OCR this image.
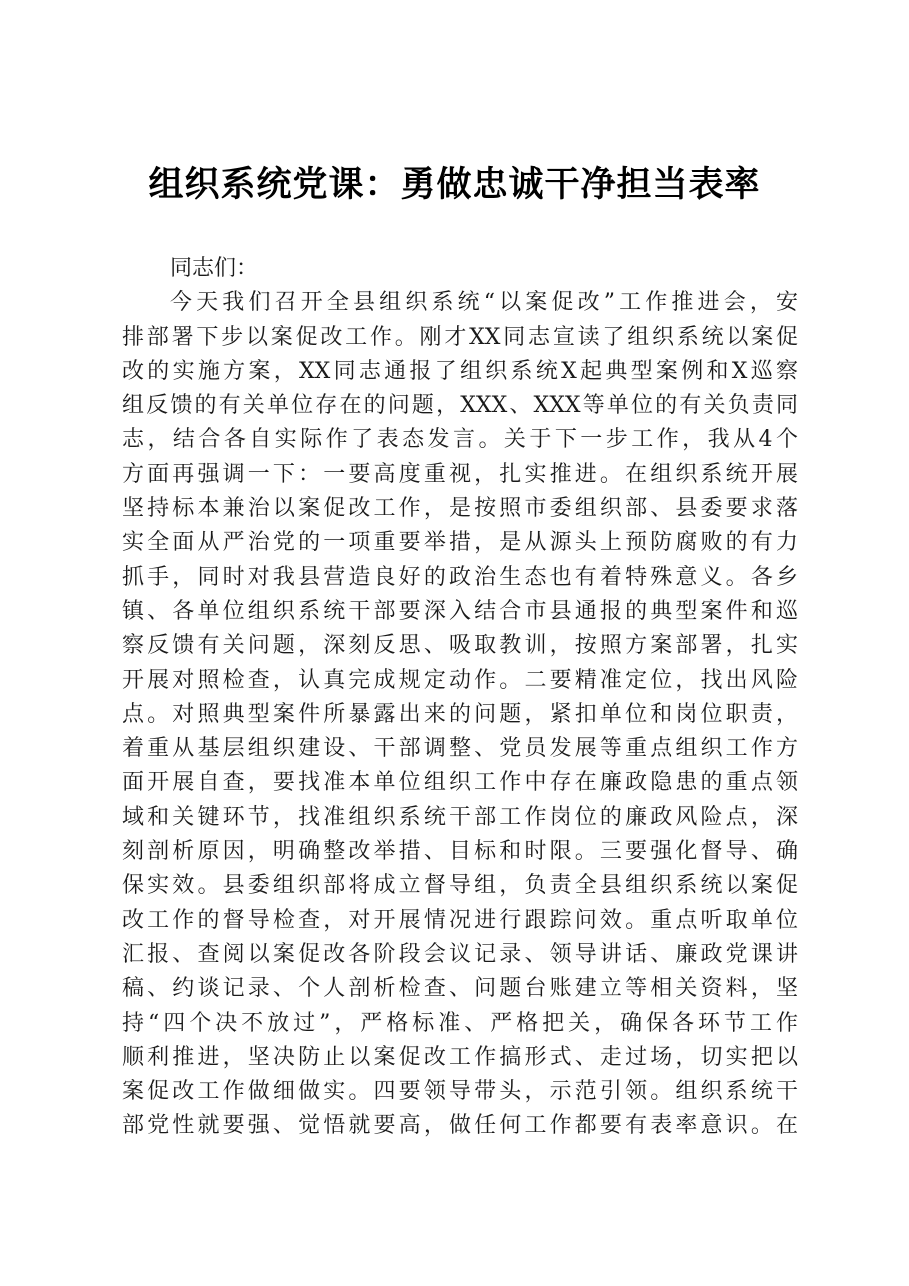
组织系统党课：勇做忠诚干净担当表率
同志们：
今天我们召开全县组织系统“以案促改”工作推进会，安
排部署下步以案促改工作。刚才XX同志宣读了组织系统以案促
改的实施方案，XX同志通报了组织系统X起典型案例和X巡察
组反馈的有关单位存在的问题，XXX、XXX等单位的有关负责同
志，结合各自实际作了表态发言。关于下一步工作，我从4个
方面再强调一下：一要高度重视，扎实推进。在组织系统开展
坚持标本兼治以案促改工作，是按照市委组织部、县委要求落
实全面从严治党的一项重要举措，是从源头上预防腐败的有力
抓手，同时对我县营造良好的政治生态也有着特殊意义。各乡
镇、各单位组织系统干部要深入结合市县通报的典型案件和巡
察反馈有关问题，深刻反思、吸取教训，按照方案部署，扎实
开展对照检查，认真完成规定动作。二要精准定位，找出风险
点。对照典型案件所暴露出来的问题，紧扣单位和岗位职责，
着重从基层组织建设、干部调整、党员发展等重点组织工作方
面开展自查，要找准本单位组织工作中存在廉政隐患的重点领
域和关键环节，找准组织系统干部工作岗位的廉政风险点，深
刻剖析原因，明确整改举措、目标和时限。三要强化督导、确
保实效。县委组织部将成立督导组，负责全县组织系统以案促
改工作的督导检查，对开展情况进行跟踪问效。重点听取单位
汇报、查阅以案促改各阶段会议记录、领导讲话、廉政党课讲
稿、约谈记录、个人剖析检查、问题台账建立等相关资料，坚
持“四个决不放过”，严格标准、严格把关，确保各环节工作
顺利推进，坚决防止以案促改工作搞形式、走过场，切实把以
案促改工作做细做实。四要领导带头，示范引领。组织系统干
部党性就要强、觉悟就要高，做任何工作都要有表率意识。在
